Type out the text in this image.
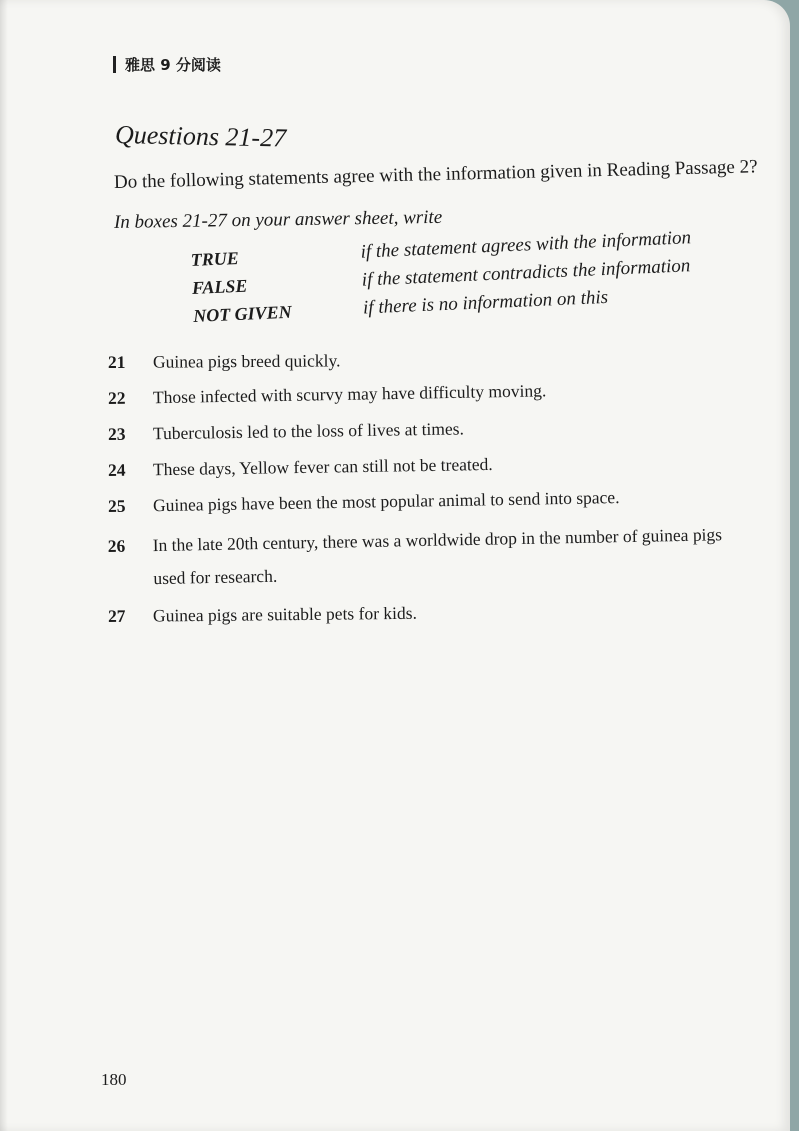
雅思 9 分阅读
Questions 21-27
Do the following statements agree with the information given in Reading Passage 2?
In boxes 21-27 on your answer sheet, write
TRUE	if the statement agrees with the information
FALSE	if the statement contradicts the information
NOT GIVEN	if there is no information on this
21	Guinea pigs breed quickly.
22	Those infected with scurvy may have difficulty moving.
23	Tuberculosis led to the loss of lives at times.
24	These days, Yellow fever can still not be treated.
25	Guinea pigs have been the most popular animal to send into space.
26	In the late 20th century, there was a worldwide drop in the number of guinea pigs
used for research.
27	Guinea pigs are suitable pets for kids.
180
